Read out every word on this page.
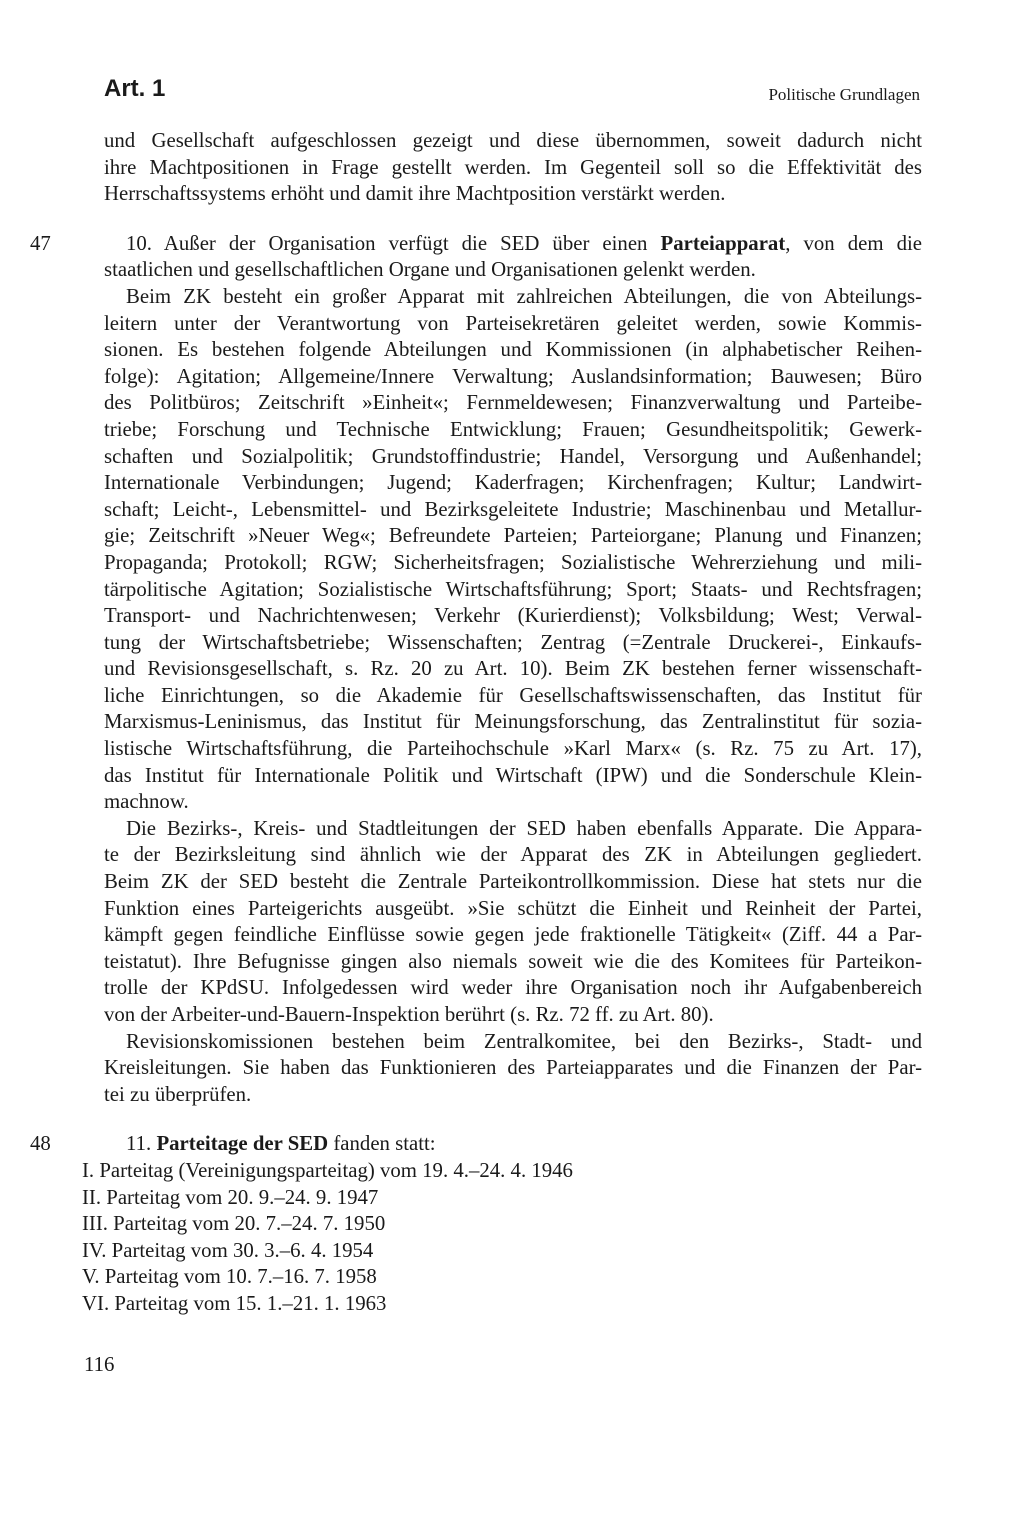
Art. 1	Politische Grundlagen
und Gesellschaft aufgeschlossen gezeigt und diese übernommen, soweit dadurch nicht
ihre Machtpositionen in Frage gestellt werden. Im Gegenteil soll so die Effektivität des
Herrschaftssystems erhöht und damit ihre Machtposition verstärkt werden.
47	10. Außer der Organisation verfügt die SED über einen Parteiapparat, von dem die
staatlichen und gesellschaftlichen Organe und Organisationen gelenkt werden.
Beim ZK besteht ein großer Apparat mit zahlreichen Abteilungen, die von Abteilungs-
leitern unter der Verantwortung von Parteisekretären geleitet werden, sowie Kommis-
sionen. Es bestehen folgende Abteilungen und Kommissionen (in alphabetischer Reihen-
folge): Agitation; Allgemeine/Innere Verwaltung; Auslandsinformation; Bauwesen; Büro
des Politbüros; Zeitschrift »Einheit«; Fernmeldewesen; Finanzverwaltung und Parteibe-
triebe; Forschung und Technische Entwicklung; Frauen; Gesundheitspolitik; Gewerk-
schaften und Sozialpolitik; Grundstoffindustrie; Handel, Versorgung und Außenhandel;
Internationale Verbindungen; Jugend; Kaderfragen; Kirchenfragen; Kultur; Landwirt-
schaft; Leicht-, Lebensmittel- und Bezirksgeleitete Industrie; Maschinenbau und Metallur-
gie; Zeitschrift »Neuer Weg«; Befreundete Parteien; Parteiorgane; Planung und Finanzen;
Propaganda; Protokoll; RGW; Sicherheitsfragen; Sozialistische Wehrerziehung und mili-
tärpolitische Agitation; Sozialistische Wirtschaftsführung; Sport; Staats- und Rechtsfragen;
Transport- und Nachrichtenwesen; Verkehr (Kurierdienst); Volksbildung; West; Verwal-
tung der Wirtschaftsbetriebe; Wissenschaften; Zentrag (=Zentrale Druckerei-, Einkaufs-
und Revisionsgesellschaft, s. Rz. 20 zu Art. 10). Beim ZK bestehen ferner wissenschaft-
liche Einrichtungen, so die Akademie für Gesellschaftswissenschaften, das Institut für
Marxismus-Leninismus, das Institut für Meinungsforschung, das Zentralinstitut für sozia-
listische Wirtschaftsführung, die Parteihochschule »Karl Marx« (s. Rz. 75 zu Art. 17),
das Institut für Internationale Politik und Wirtschaft (IPW) und die Sonderschule Klein-
machnow.
Die Bezirks-, Kreis- und Stadtleitungen der SED haben ebenfalls Apparate. Die Appara-
te der Bezirksleitung sind ähnlich wie der Apparat des ZK in Abteilungen gegliedert.
Beim ZK der SED besteht die Zentrale Parteikontrollkommission. Diese hat stets nur die
Funktion eines Parteigerichts ausgeübt. »Sie schützt die Einheit und Reinheit der Partei,
kämpft gegen feindliche Einflüsse sowie gegen jede fraktionelle Tätigkeit« (Ziff. 44 a Par-
teistatut). Ihre Befugnisse gingen also niemals soweit wie die des Komitees für Parteikon-
trolle der KPdSU. Infolgedessen wird weder ihre Organisation noch ihr Aufgabenbereich
von der Arbeiter-und-Bauern-Inspektion berührt (s. Rz. 72 ff. zu Art. 80).
Revisionskomissionen bestehen beim Zentralkomitee, bei den Bezirks-, Stadt- und
Kreisleitungen. Sie haben das Funktionieren des Parteiapparates und die Finanzen der Par-
tei zu überprüfen.
48	11. Parteitage der SED fanden statt:
I. Parteitag (Vereinigungsparteitag) vom 19. 4.–24. 4. 1946
II. Parteitag vom 20. 9.–24. 9. 1947
III. Parteitag vom 20. 7.–24. 7. 1950
IV. Parteitag vom 30. 3.–6. 4. 1954
V. Parteitag vom 10. 7.–16. 7. 1958
VI. Parteitag vom 15. 1.–21. 1. 1963
116
